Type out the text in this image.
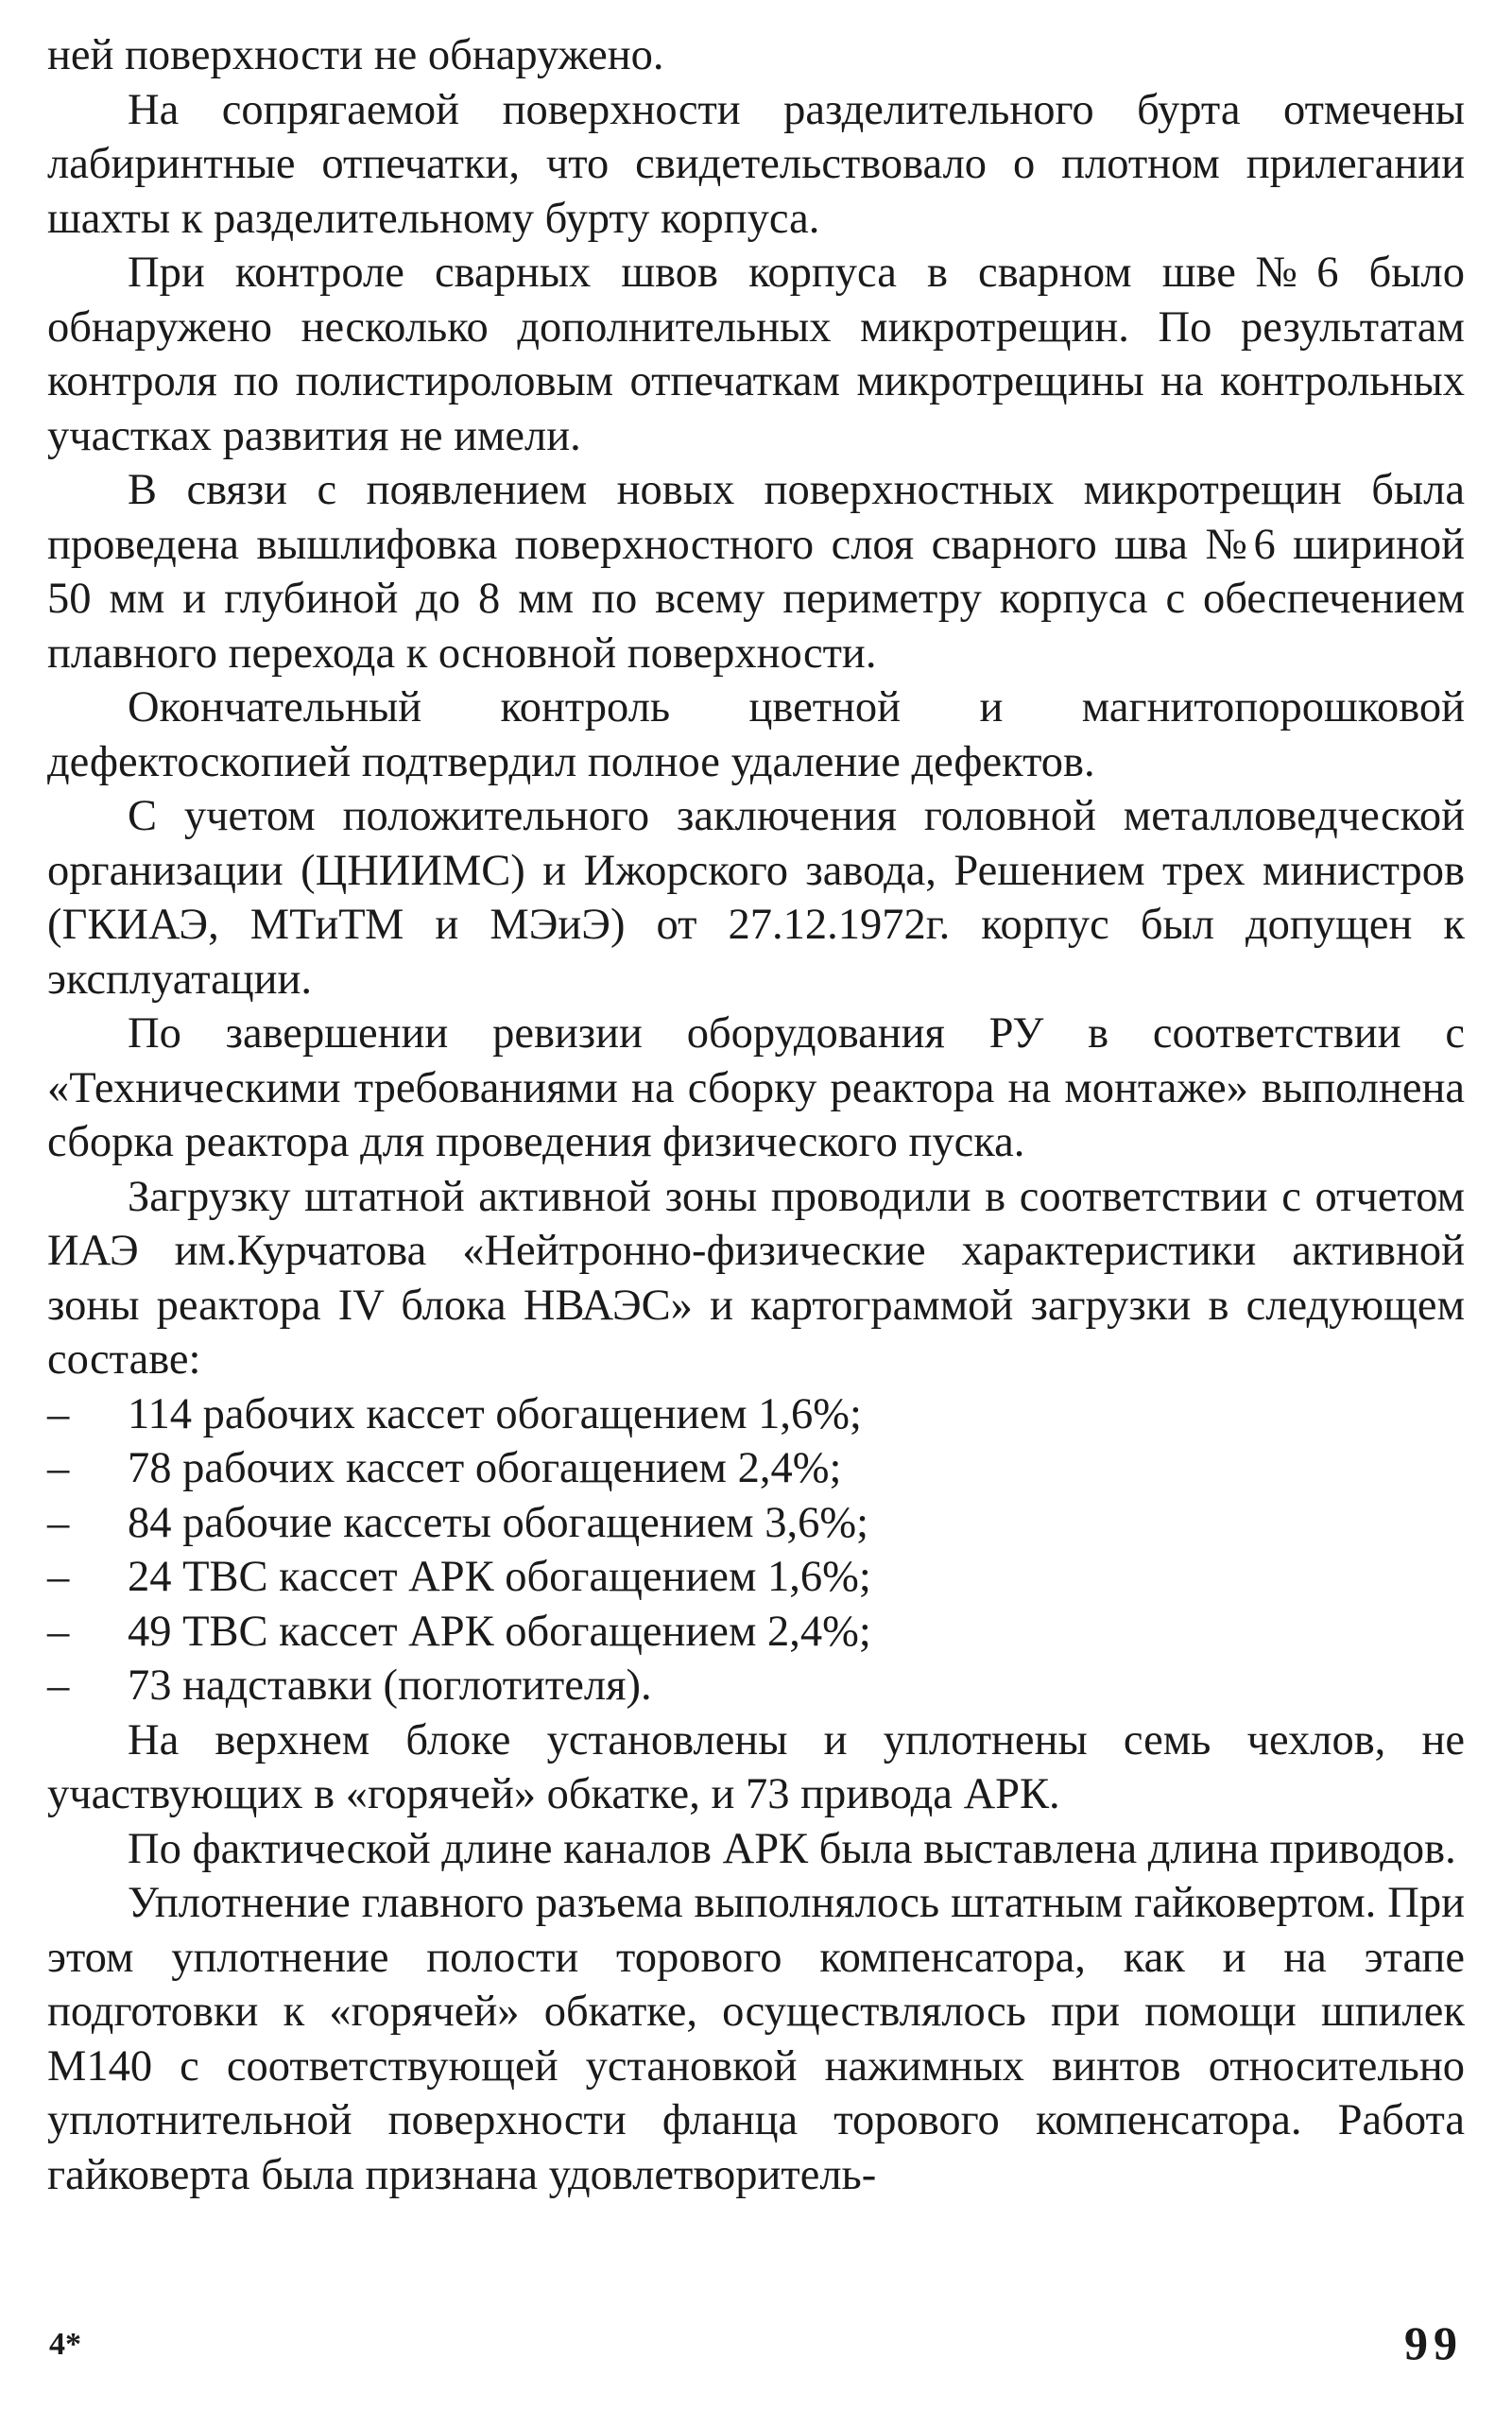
ней поверхности не обнаружено.

На сопрягаемой поверхности разделительного бурта отмечены лабиринтные отпечатки, что свидетельствовало о плотном прилегании шахты к разделительному бурту корпуса.

При контроле сварных швов корпуса в сварном шве№6 было обнаружено несколько дополнительных микротрещин. По результатам контроля по полистироловым отпечаткам микротрещины на контрольных участках развития не имели.

В связи с появлением новых поверхностных микротрещин была проведена вышлифовка поверхностного слоя сварного шва №6 шириной 50 мм и глубиной до 8 мм по всему периметру корпуса с обеспечением плавного перехода к основной поверхности.

Окончательный контроль цветной и магнитопорошковой дефектоскопией подтвердил полное удаление дефектов.

С учетом положительного заключения головной металловедческой организации (ЦНИИМС) и Ижорского завода, Решением трех министров (ГКИАЭ, МТиТМ и МЭиЭ) от 27.12.1972г. корпус был допущен к эксплуатации.

По завершении ревизии оборудования РУ в соответствии с «Техническими требованиями на сборку реактора на монтаже» выполнена сборка реактора для проведения физического пуска.

Загрузку штатной активной зоны проводили в соответствии с отчетом ИАЭ им.Курчатова «Нейтронно-физические характеристики активной зоны реактора IV блока НВАЭС» и картограммой загрузки в следующем составе:

–	114 рабочих кассет обогащением 1,6%;
–	78 рабочих кассет обогащением 2,4%;
–	84 рабочие кассеты обогащением 3,6%;
–	24 ТВС кассет АРК обогащением 1,6%;
–	49 ТВС кассет АРК обогащением 2,4%;
–	73 надставки (поглотителя).

На верхнем блоке установлены и уплотнены семь чехлов, не участвующих в «горячей» обкатке, и 73 привода АРК.

По фактической длине каналов АРК была выставлена длина приводов.

Уплотнение главного разъема выполнялось штатным гайковертом. При этом уплотнение полости торового компенсатора, как и на этапе подготовки к «горячей» обкатке, осуществлялось при помощи шпилек М140 с соответствующей установкой нажимных винтов относительно уплотнительной поверхности фланца торового компенсатора. Работа гайковерта была признана удовлетворитель-

4*	99
